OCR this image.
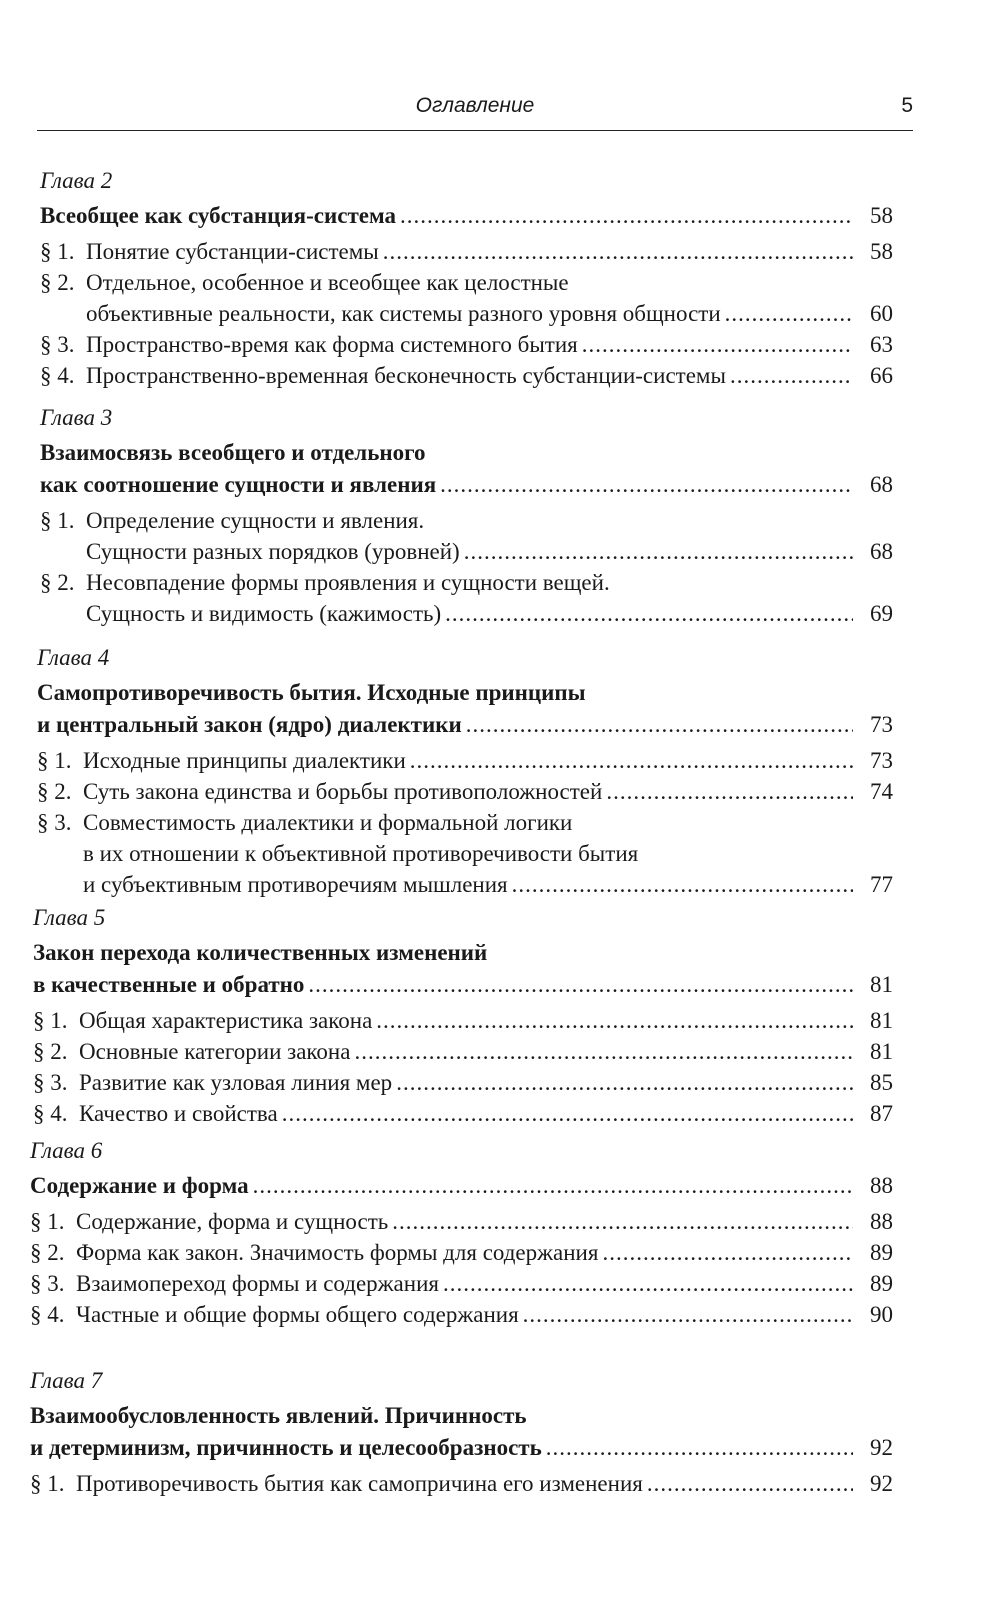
Оглавление	5
Глава 2
Всеобщее как субстанция-система .....	58
§ 1. Понятие субстанции-системы .....	58
§ 2. Отдельное, особенное и всеобщее как целостные
объективные реальности, как системы разного уровня общности .....	60
§ 3. Пространство-время как форма системного бытия .....	63
§ 4. Пространственно-временная бесконечность субстанции-системы .....	66
Глава 3
Взаимосвязь всеобщего и отдельного
как соотношение сущности и явления .....	68
§ 1. Определение сущности и явления.
Сущности разных порядков (уровней) .....	68
§ 2. Несовпадение формы проявления и сущности вещей.
Сущность и видимость (кажимость) .....	69
Глава 4
Самопротиворечивость бытия. Исходные принципы
и центральный закон (ядро) диалектики .....	73
§ 1. Исходные принципы диалектики .....	73
§ 2. Суть закона единства и борьбы противоположностей .....	74
§ 3. Совместимость диалектики и формальной логики
в их отношении к объективной противоречивости бытия
и субъективным противоречиям мышления .....	77
Глава 5
Закон перехода количественных изменений
в качественные и обратно .....	81
§ 1. Общая характеристика закона .....	81
§ 2. Основные категории закона .....	81
§ 3. Развитие как узловая линия мер .....	85
§ 4. Качество и свойства .....	87
Глава 6
Содержание и форма .....	88
§ 1. Содержание, форма и сущность .....	88
§ 2. Форма как закон. Значимость формы для содержания .....	89
§ 3. Взаимопереход формы и содержания .....	89
§ 4. Частные и общие формы общего содержания .....	90
Глава 7
Взаимообусловленность явлений. Причинность
и детерминизм, причинность и целесообразность .....	92
§ 1. Противоречивость бытия как самопричина его изменения .....	92
